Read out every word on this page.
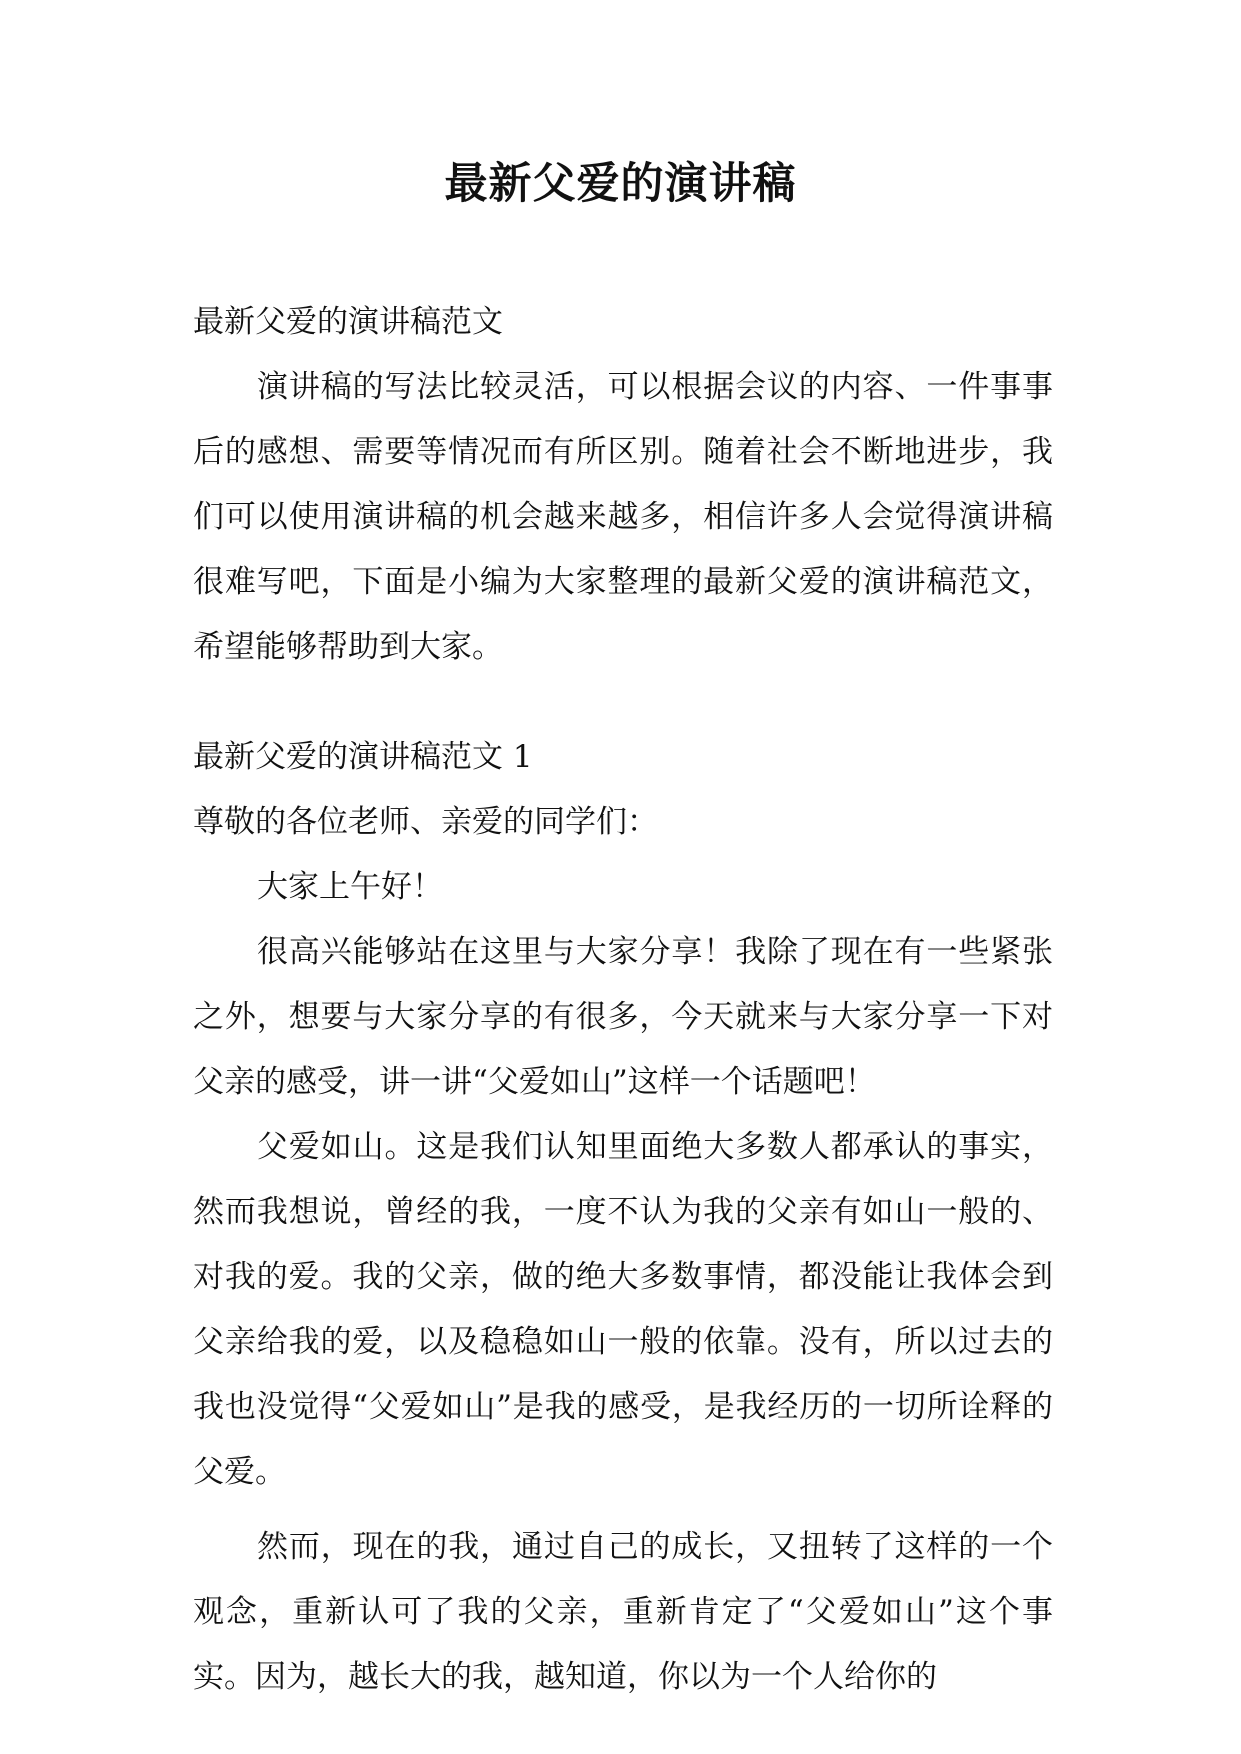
最新父爱的演讲稿

最新父爱的演讲稿范文

演讲稿的写法比较灵活，可以根据会议的内容、一件事事后的感想、需要等情况而有所区别。随着社会不断地进步，我们可以使用演讲稿的机会越来越多，相信许多人会觉得演讲稿很难写吧，下面是小编为大家整理的最新父爱的演讲稿范文，希望能够帮助到大家。

最新父爱的演讲稿范文 1

尊敬的各位老师、亲爱的同学们：

大家上午好！

很高兴能够站在这里与大家分享！我除了现在有一些紧张之外，想要与大家分享的有很多，今天就来与大家分享一下对父亲的感受，讲一讲“父爱如山”这样一个话题吧！

父爱如山。这是我们认知里面绝大多数人都承认的事实，然而我想说，曾经的我，一度不认为我的父亲有如山一般的、对我的爱。我的父亲，做的绝大多数事情，都没能让我体会到父亲给我的爱，以及稳稳如山一般的依靠。没有，所以过去的我也没觉得“父爱如山”是我的感受，是我经历的一切所诠释的父爱。

然而，现在的我，通过自己的成长，又扭转了这样的一个观念，重新认可了我的父亲，重新肯定了“父爱如山”这个事实。因为，越长大的我，越知道，你以为一个人给你的
